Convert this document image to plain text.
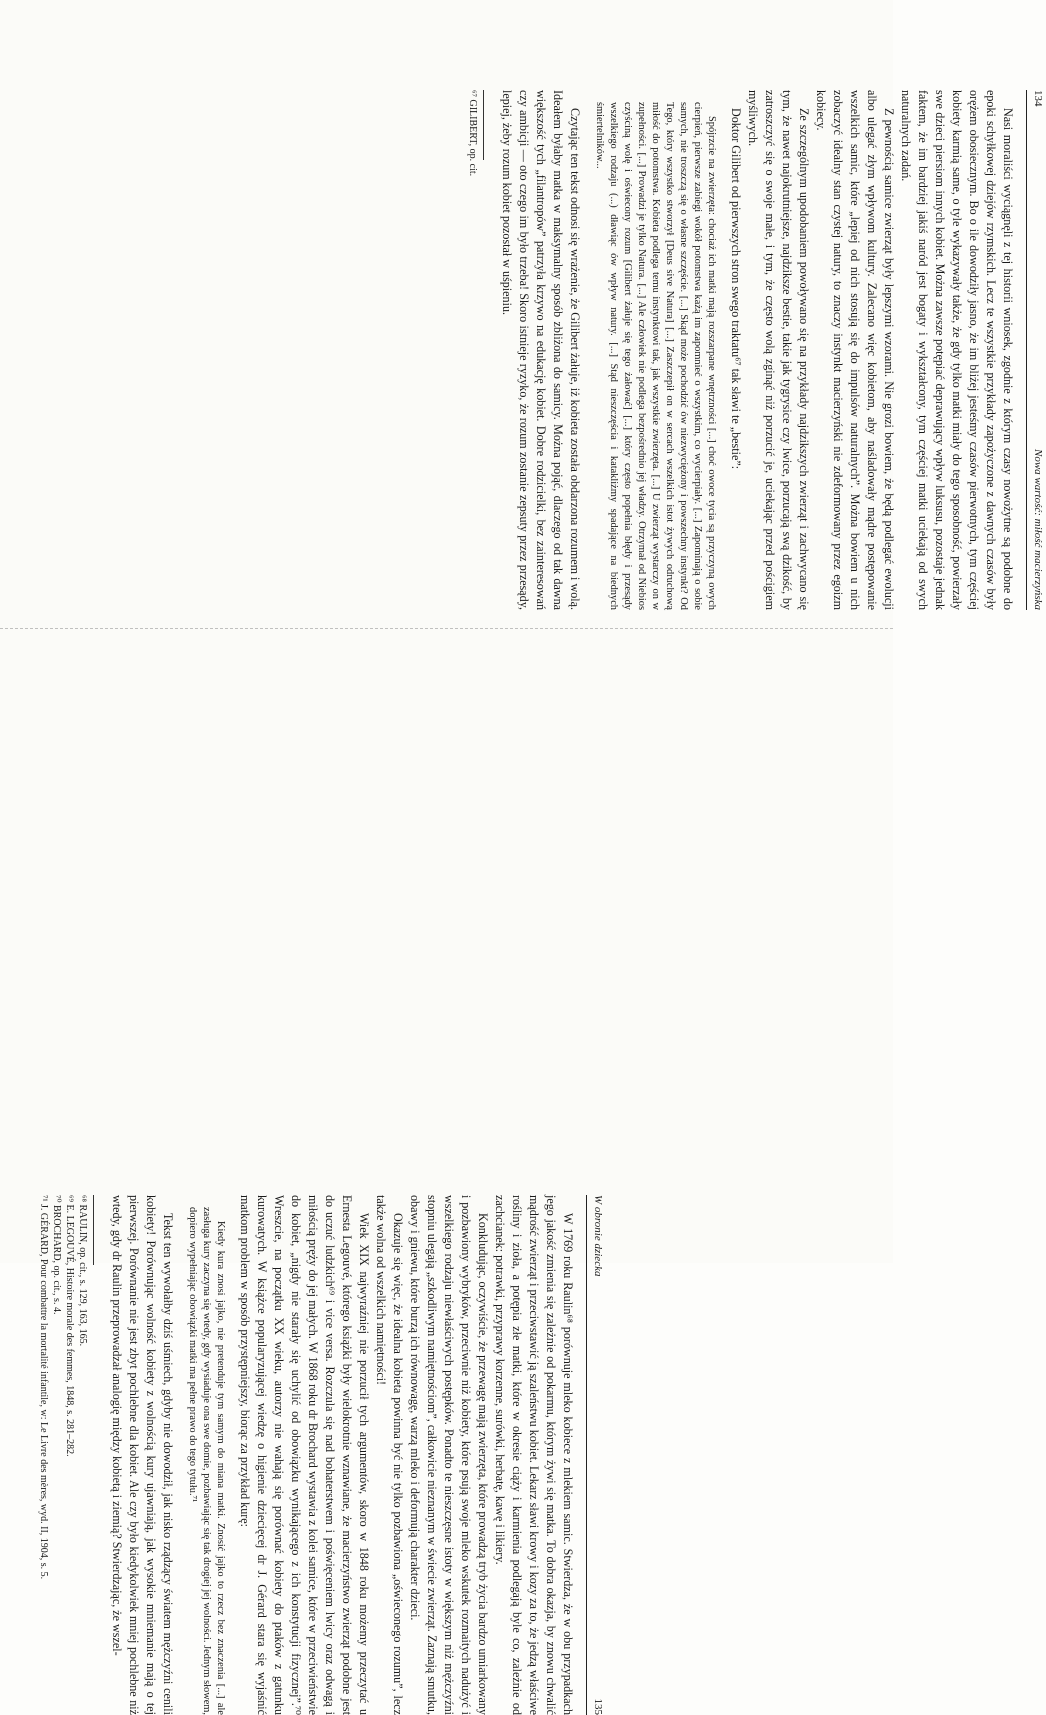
134
Nowa wartość: miłość macierzyńska

Nasi moraliści wyciągnęli z tej historii wniosek, zgodnie z którym czasy nowożytne są podobne do epoki schyłkowej dziejów rzymskich. Lecz te wszystkie przykłady zapożyczone z dawnych czasów były orężem obosiecznym. Bo o ile dowodziły jasno, że im bliżej jesteśmy czasów pierwotnych, tym częściej kobiety karmią same, o tyle wykazywały także, że gdy tylko matki miały do tego sposobność, powierzały swe dzieci piersiom innych kobiet. Można zawsze potępiać deprawujący wpływ luksusu, pozostaje jednak faktem, że im bardziej jakiś naród jest bogaty i wykształcony, tym częściej matki uciekają od swych naturalnych zadań.

Z pewnością samice zwierząt były lepszymi wzorami. Nie grozi bowiem, że będą podlegać ewolucji albo ulegać złym wpływom kultury. Zalecano więc kobietom, aby naśladowały mądre postępowanie wszelkich samic, które „lepiej od nich stosują się do impulsów naturalnych”. Można bowiem u nich zobaczyć idealny stan czystej natury, to znaczy instynkt macierzyński nie zdeformowany przez egoizm kobiecy.

Ze szczególnym upodobaniem powoływano się na przykłady najdzikszych zwierząt i zachwycano się tym, że nawet najokrutniejsze, najdziksze bestie, takie jak tygrysice czy lwice, porzucają swą dzikość, by zatroszczyć się o swoje małe, i tym, że często wolą zginąć niż porzucić je, uciekając przed pościgiem myśliwych.

Doktor Gilibert od pierwszych stron swego traktatu⁶⁷ tak sławi te „bestie”:

Spójrzcie na zwierzęta: chociaż ich matki mają rozszarpane wnętrzności [...] choć owoce tycia są przyczyną owych cierpień, pierwsze zabiegi wokół potomstwa każą im zapomnieć o wszystkim, co wycierpiały. [...] Zapominają o sobie samych, nie troszczą się o własne szczęście. [...] Skąd może pochodzić ów niezwyciężony i powszechny instynkt? Od Tego, który wszystko stworzył [Deus sive Natura] [...] Zaszczepił on w sercach wszelkich istot żywych odruchową miłość do potomstwa. Kobieta podlega temu instynktowi tak, jak wszystkie zwierzęta. [...] U zwierząt wystarczy on w zupełności. [...] Prowadzi je tylko Natura. [...] Ale człowiek nie podlega bezpośrednio jej władzy. Otrzymał od Niebios czyściną wolę i oświecony rozum [Gilibert żałuje się tego żałować] [...] który często popełnia błędy i przesądy wszelkiego rodzaju (...) dławiąc ów wpływ natury. [...] Stąd nieszczęścia i katakliżmy spadające na biednych śmiertelników...

Czytając ten tekst odnosi się wrażenie, że Gilibert żałuje, iż kobieta została obdarzona rozumem i wolą. Ideałem byłaby matka w maksymalny sposób zbliżona do samicy. Można pojąć, dlaczego od tak dawna większość tych „filantropów” patrzyła krzywo na edukację kobiet. Dobre rodzicielki, bez zainteresowań czy ambicji — oto czego im było trzeba! Skoro istnieje ryzyko, że rozum zostanie zepsuty przez przesądy, lepiej, żeby rozum kobiet pozostał w uśpieniu.

⁶⁷ GILIBERT, op. cit.

W obronie dziecka
135

W 1769 roku Raulin⁶⁸ porównuje mleko kobiece z mlekiem samic. Stwierdza, że w obu przypadkach jego jakość zmienia się zależnie od pokarmu, którym żywi się matka. To dobra okazja, by znowu chwalić mądrość zwierząt i przeciwstawić ją szaleństwu kobiet. Lekarz sławi krowy i kozy za to, że jedzą właściwe rośliny i zioła, a potępia złe matki, które w okresie ciąży i karmienia podlegają byle co, zależnie od zachcianek: potrawki, przyprawy korzenne, surówki, herbatę, kawę i likiery.

Konkludując, oczywiście, że przewagę mają zwierzęta, które prowadzą tryb życia bardzo umiarkowany i pozbawiony wybryków, przeciwnie niż kobiety, które psują swoje mleko wskutek rozmaitych nadużyć i wszelkiego rodzaju niewłaściwych postępków. Ponadto te nieszczęsne istoty w większym niż mężczyźni stopniu ulegają „szkodliwym namiętnościom”, całkowicie nieznanym w świecie zwierząt. Zaznają smutku, obawy i gniewu, które burzą ich równowagę, warzą mleko i deformują charakter dzieci.

Okazuje się więc, że idealna kobieta powinna być nie tylko pozbawiona „oświeconego rozumu”, lecz także wolna od wszelkich namiętności!

Wiek XIX najwyraźniej nie porzucił tych argumentów, skoro w 1848 roku możemy przeczytać u Ernesta Legouvé, którego książki były wielokrotnie wznawiane, że macierzyństwo zwierząt podobne jest do uczuć ludzkich⁶⁹ i vice versa. Rozczula się nad bohaterstwem i poświęceniem lwicy oraz odwagą i miłością pręży do jej małych. W 1868 roku dr Brochard wystawia z kolei samice, które w przeciwieństwie do kobiet, „nigdy nie starały się uchylić od obowiązku wynikającego z ich konstytucji fizycznej”.⁷⁰ Wreszcie, na początku XX wieku, autorzy nie wahają się porównać kobiety do ptaków z gatunku kurowatych. W książce popularyzującej wiedzę o higienie dziecięcej dr J. Gérard stara się wyjaśnić matkom problem w sposób przystępniejszy, biorąc za przykład kurę:

Kiedy kura znosi jajko, nie pretenduje tym samym do miana matki. Znosić jajko to rzecz bez znaczenia [...] ale zasługa kury zaczyna się wtedy, gdy wysiaduje ona swe domie, pozbawiając się tak drogiej jej wolności. Jednym słowem, dopiero wypełniając obowiązki matki ma pełne prawo do tego tytułu.⁷¹

Tekst ten wywołałby dziś uśmiech, gdyby nie dowodził, jak nisko rządzący światem mężczyźni cenili kobiety! Porównując wolność kobiety z wolnością kury ujawniają, jak wysokie mniemanie mają o tej pierwszej. Porównanie nie jest zbyt pochlebne dla kobiet. Ale czy było kiedykolwiek mniej pochlebne niż wtedy, gdy dr Raulin przeprowadzał analogię między kobietą i ziemią? Stwierdzając, że wszel-

⁶⁸ RAULIN, op. cit., s. 129, 163, 165.

⁶⁹ E. LEGOUVÉ, Histoire morale des femmes, 1848, s. 281–282.

⁷⁰ BROCHARD, op. cit., s. 4.

⁷¹ J. GÉRARD, Pour combattre la mortalité infantile, w: Le Livre des mères, wyd. II, 1904, s. 5.
